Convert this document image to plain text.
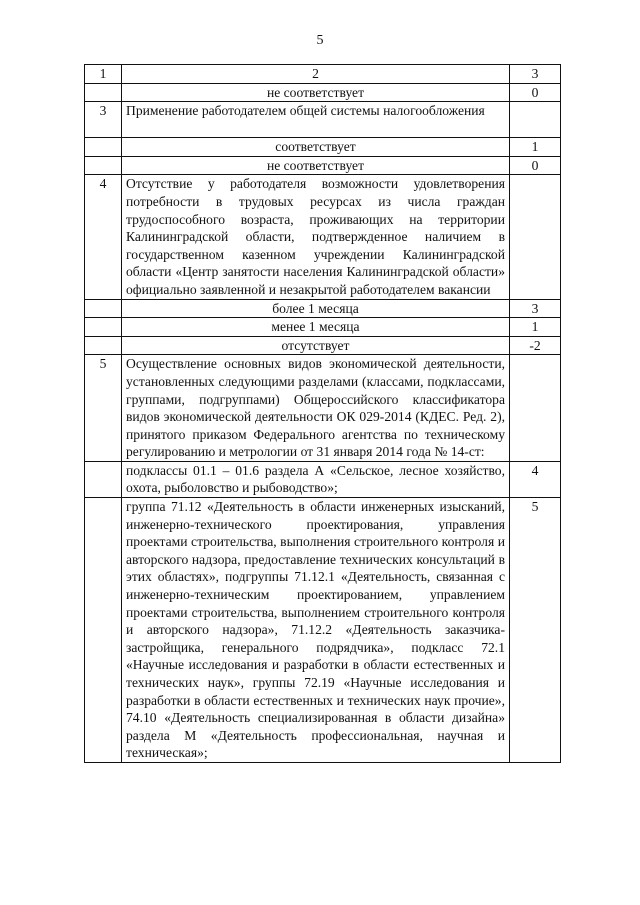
5
1	2	3
	не соответствует	0
3	Применение работодателем общей системы налогообложения	
	соответствует	1
	не соответствует	0
4	Отсутствие у работодателя возможности удовлетворения потребности в трудовых ресурсах из числа граждан трудоспособного возраста, проживающих на территории Калининградской области, подтвержденное наличием в государственном казенном учреждении Калининградской области «Центр занятости населения Калининградской области» официально заявленной и незакрытой работодателем вакансии	
	более 1 месяца	3
	менее 1 месяца	1
	отсутствует	-2
5	Осуществление основных видов экономической деятельности, установленных следующими разделами (классами, подклассами, группами, подгруппами) Общероссийского классификатора видов экономической деятельности ОК 029-2014 (КДЕС. Ред. 2), принятого приказом Федерального агентства по техническому регулированию и метрологии от 31 января 2014 года № 14-ст:	
	подклассы 01.1 – 01.6 раздела А «Сельское, лесное хозяйство, охота, рыболовство и рыбоводство»;	4
	группа 71.12 «Деятельность в области инженерных изысканий, инженерно-технического проектирования, управления проектами строительства, выполнения строительного контроля и авторского надзора, предоставление технических консультаций в этих областях», подгруппы 71.12.1 «Деятельность, связанная с инженерно-техническим проектированием, управлением проектами строительства, выполнением строительного контроля и авторского надзора», 71.12.2 «Деятельность заказчика-застройщика, генерального подрядчика», подкласс 72.1 «Научные исследования и разработки в области естественных и технических наук», группы 72.19 «Научные исследования и разработки в области естественных и технических наук прочие», 74.10 «Деятельность специализированная в области дизайна» раздела М «Деятельность профессиональная, научная и техническая»;	5
